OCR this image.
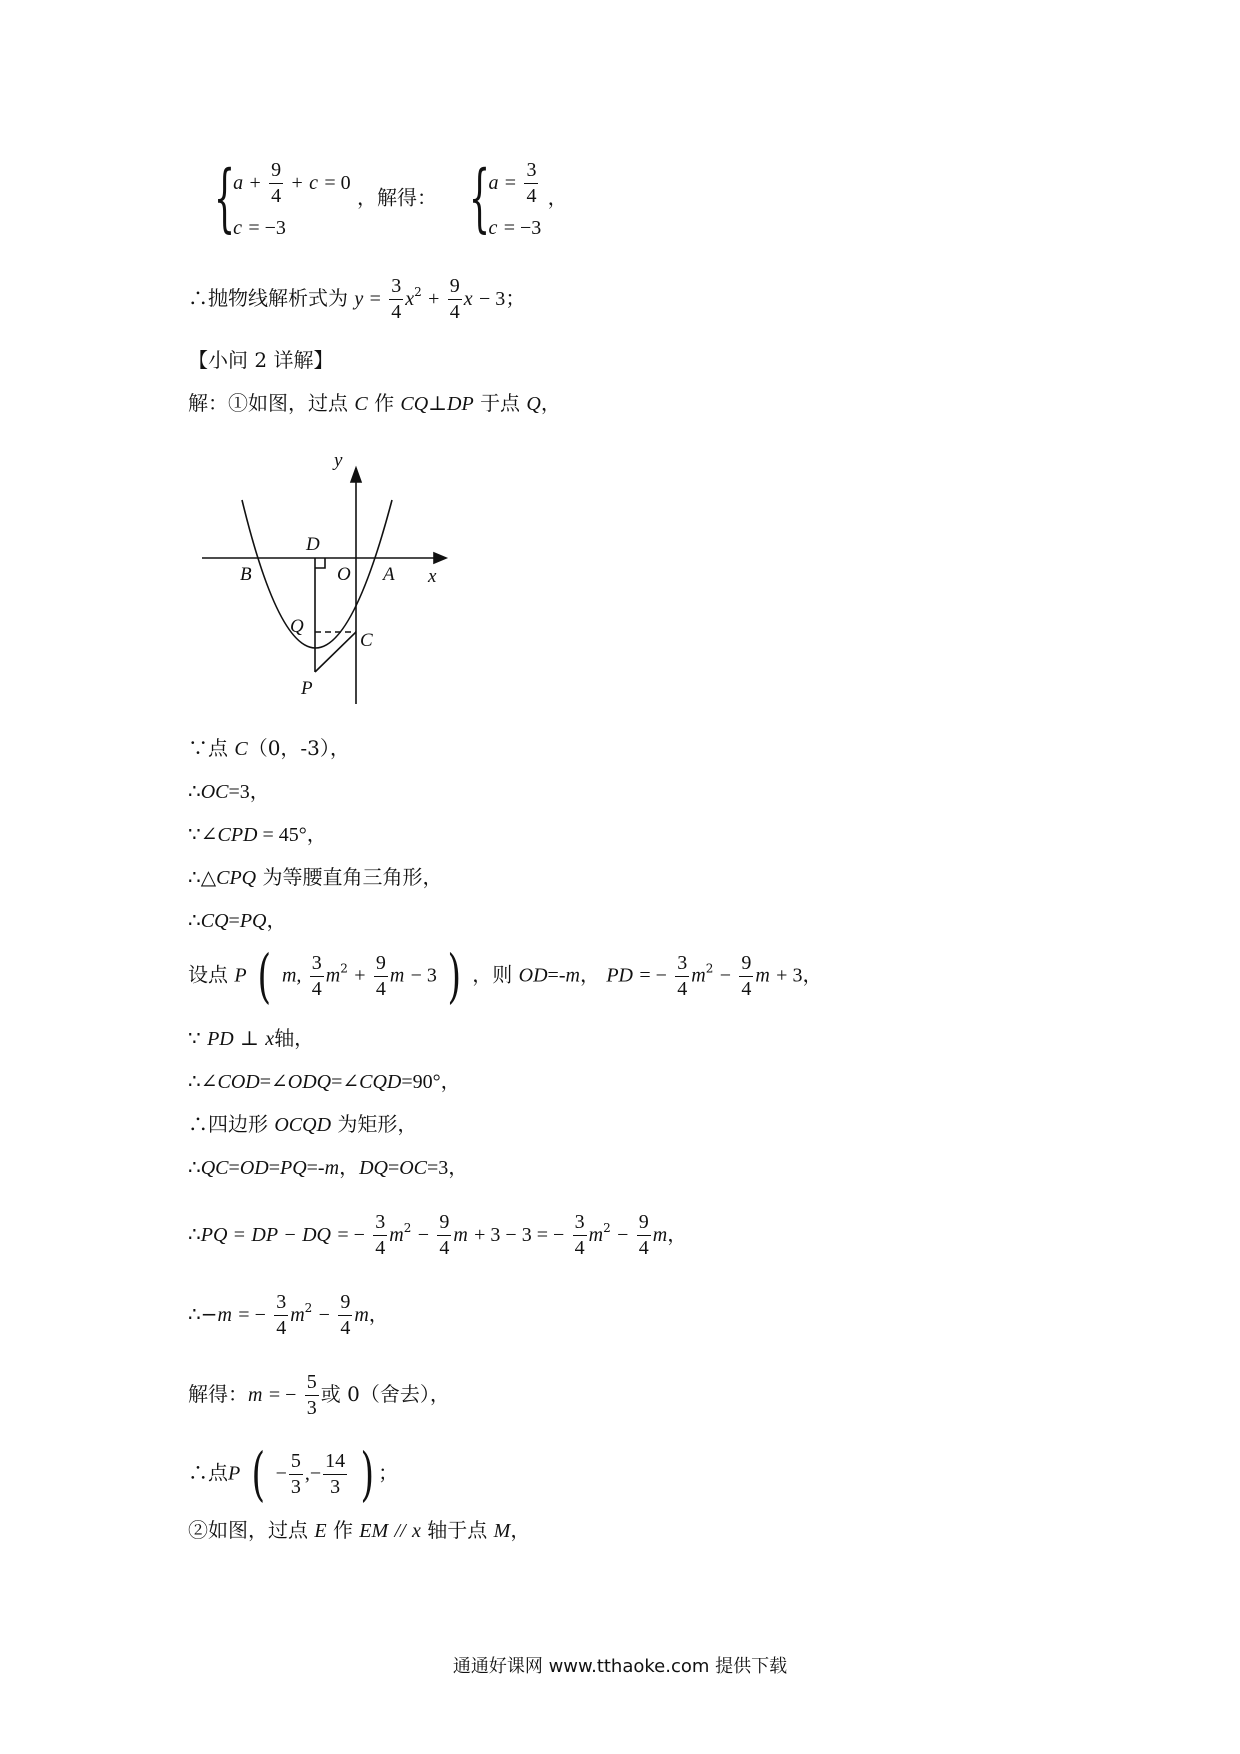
{
$a + \frac{9}{4} + c = 0$
c = −3
，解得： {
$a = \frac{3}{4}$
c = −3
，
∴抛物线解析式为 $y = \frac{3}{4} x^2 + \frac{9}{4}$ x − 3；
【小问 2 详解】
解：①如图，过点 C 作 CQ⊥DP 于点 Q，
y
x
D
O A
B
Q
C
P
∵点 C（0，-3），
∴OC=3，
∵∠CPD = 45°，
∴△CPQ 为等腰直角三角形，
∴CQ=PQ，
设点 P ( m, $\frac{3}{4} m^2 + \frac{9}{4}$ m − 3 ) ，则 OD=-m， PD = − $\frac{3}{4} m^2 - \frac{9}{4}$ m + 3，
∵ PD ⊥ x轴，
∴∠COD=∠ODQ=∠CQD=90°，
∴四边形 OCQD 为矩形，
∴QC=OD=PQ=-m，DQ=OC=3，
∴PQ = DP − DQ = − $\frac{3}{4} m^2 - \frac{9}{4}$ m + 3 − 3 = − $\frac{3}{4} m^2 - \frac{9}{4}$ m，
∴−m = − $\frac{3}{4} m^2 - \frac{9}{4}$ m，
解得：m = − $\frac{5}{3}$ 或 0（舍去），
∴点P ( − $\frac{5}{3}$ ,− $\frac{14}{3}$ ) ；
②如图，过点 E 作 EM // x 轴于点 M，
通通好课网 www.tthaoke.com 提供下载
